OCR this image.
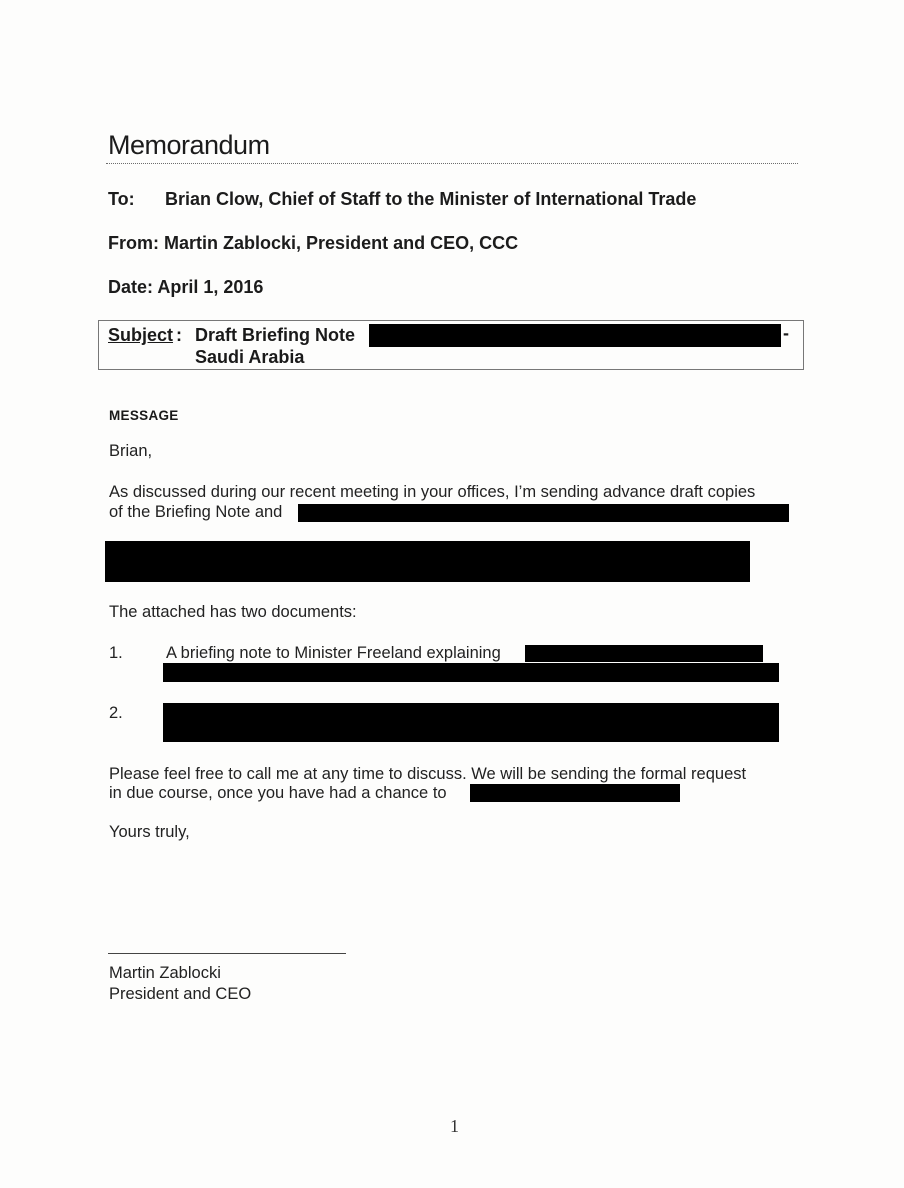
Memorandum
To: Brian Clow, Chief of Staff to the Minister of International Trade
From: Martin Zablocki, President and CEO, CCC
Date: April 1, 2016
Subject : Draft Briefing Note
Saudi Arabia
-
MESSAGE
Brian,
As discussed during our recent meeting in your offices, I’m sending advance draft copies
of the Briefing Note and
The attached has two documents:
1.	A briefing note to Minister Freeland explaining
2.
Please feel free to call me at any time to discuss. We will be sending the formal request
in due course, once you have had a chance to
Yours truly,
Martin Zablocki
President and CEO
1
